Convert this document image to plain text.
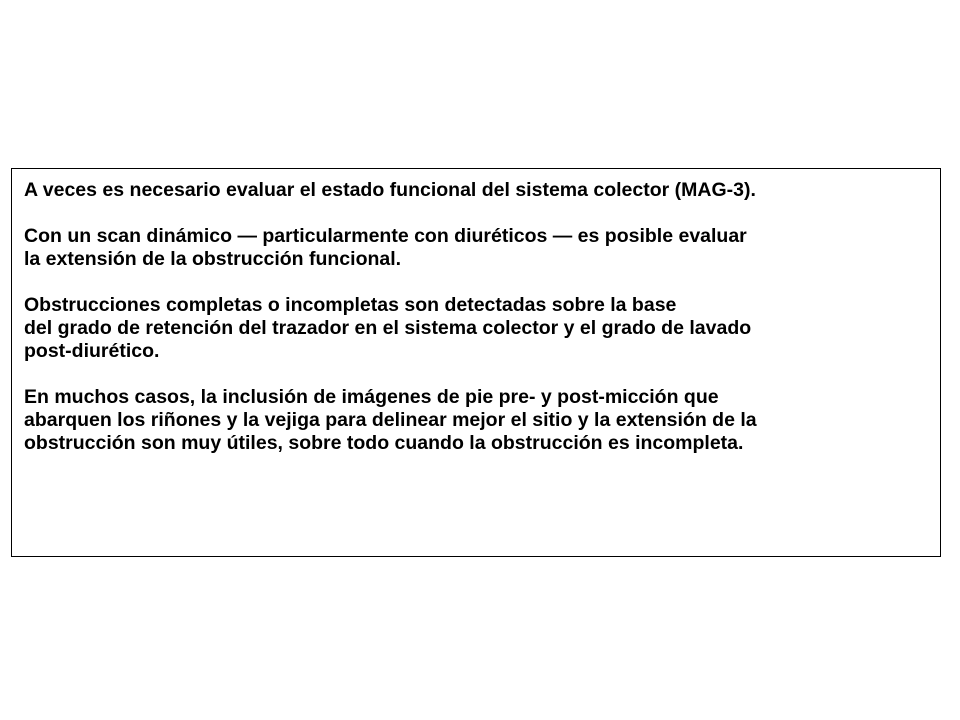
A veces es necesario evaluar el estado funcional del sistema colector (MAG-3).

Con un scan dinámico — particularmente con diuréticos — es posible evaluar
la extensión de la obstrucción funcional.

Obstrucciones completas o incompletas son detectadas sobre la base
del grado de retención del trazador en el sistema colector y el grado de lavado
post-diurético.

En muchos casos, la inclusión de imágenes de pie pre- y post-micción que
abarquen los riñones y la vejiga para delinear mejor el sitio y la extensión de la
obstrucción son muy útiles, sobre todo cuando la obstrucción es incompleta.
